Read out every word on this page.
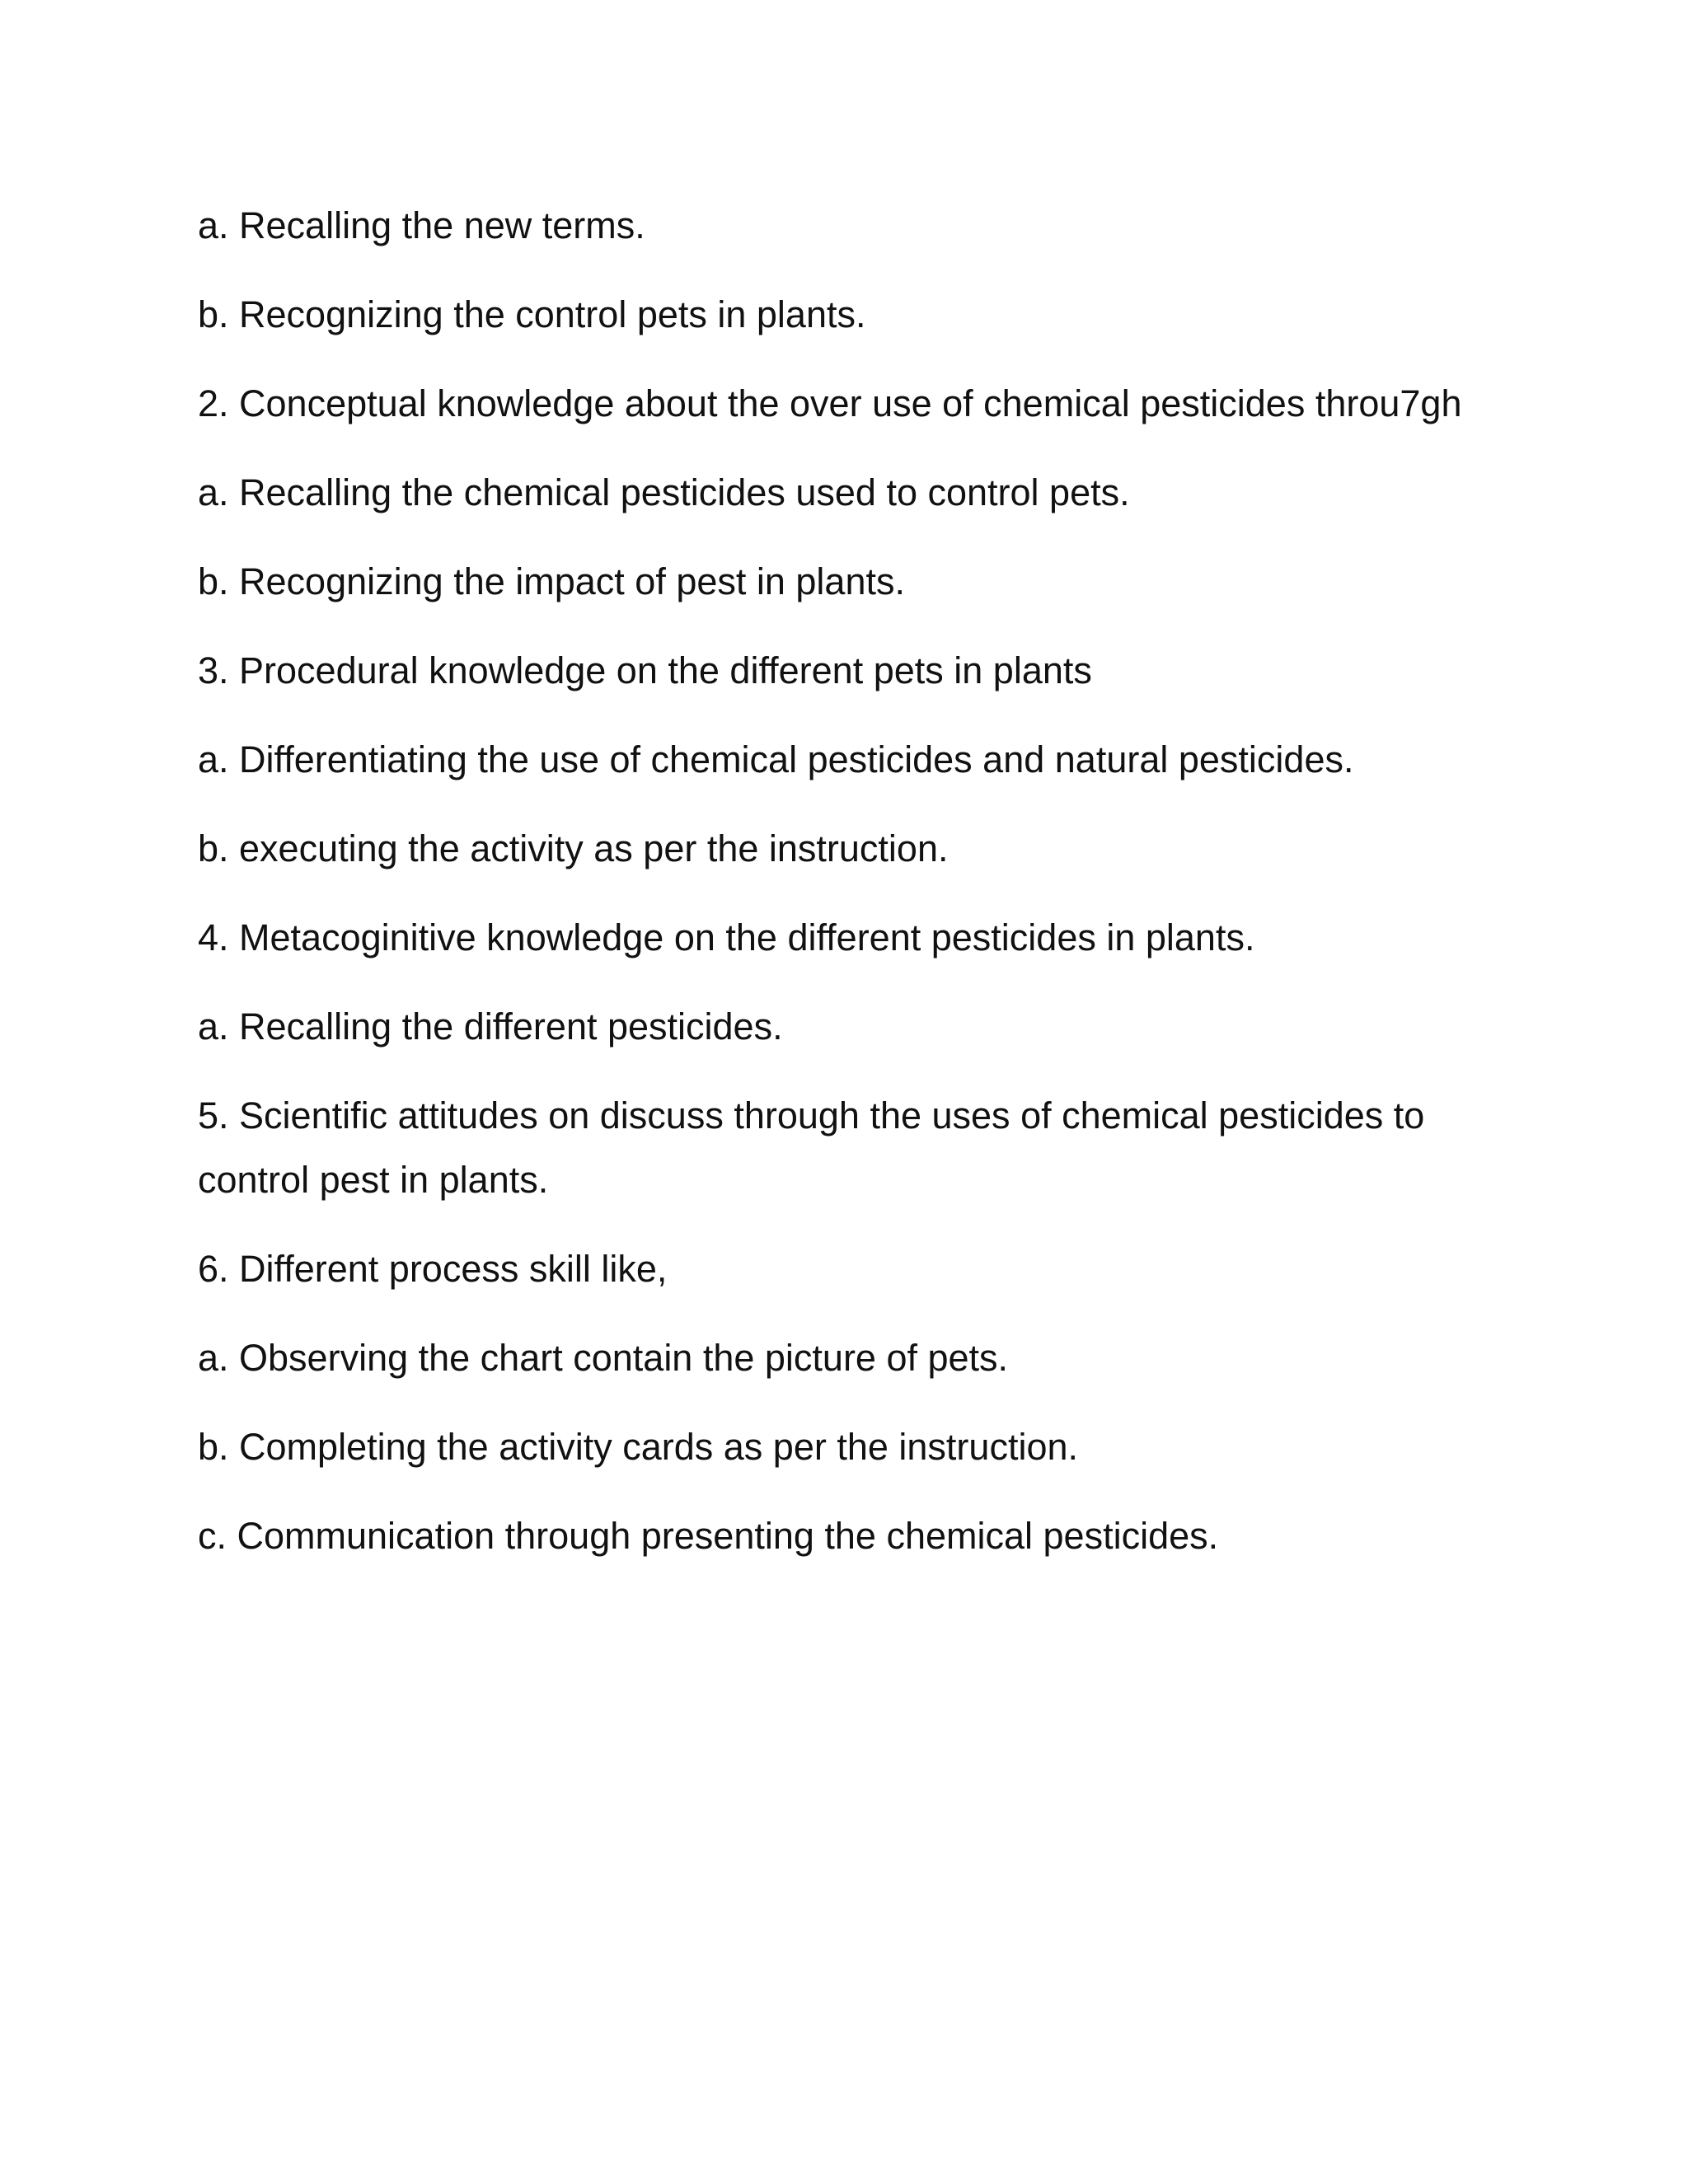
a. Recalling the new terms.

b. Recognizing the control pets in plants.

2. Conceptual knowledge about the over use of chemical pesticides throu7gh

a. Recalling the chemical pesticides used to control pets.

b. Recognizing the impact of pest in plants.

3. Procedural knowledge on the different pets in plants

a. Differentiating the use of chemical pesticides and natural pesticides.

b. executing the activity as per the instruction.

4. Metacoginitive knowledge on the different pesticides in plants.

a. Recalling the different pesticides.

5. Scientific attitudes on discuss through the uses of chemical pesticides to control pest in plants.

6. Different process skill like,

a. Observing the chart contain the picture of pets.

b. Completing the activity cards as per the instruction.

c. Communication through presenting the chemical pesticides.
